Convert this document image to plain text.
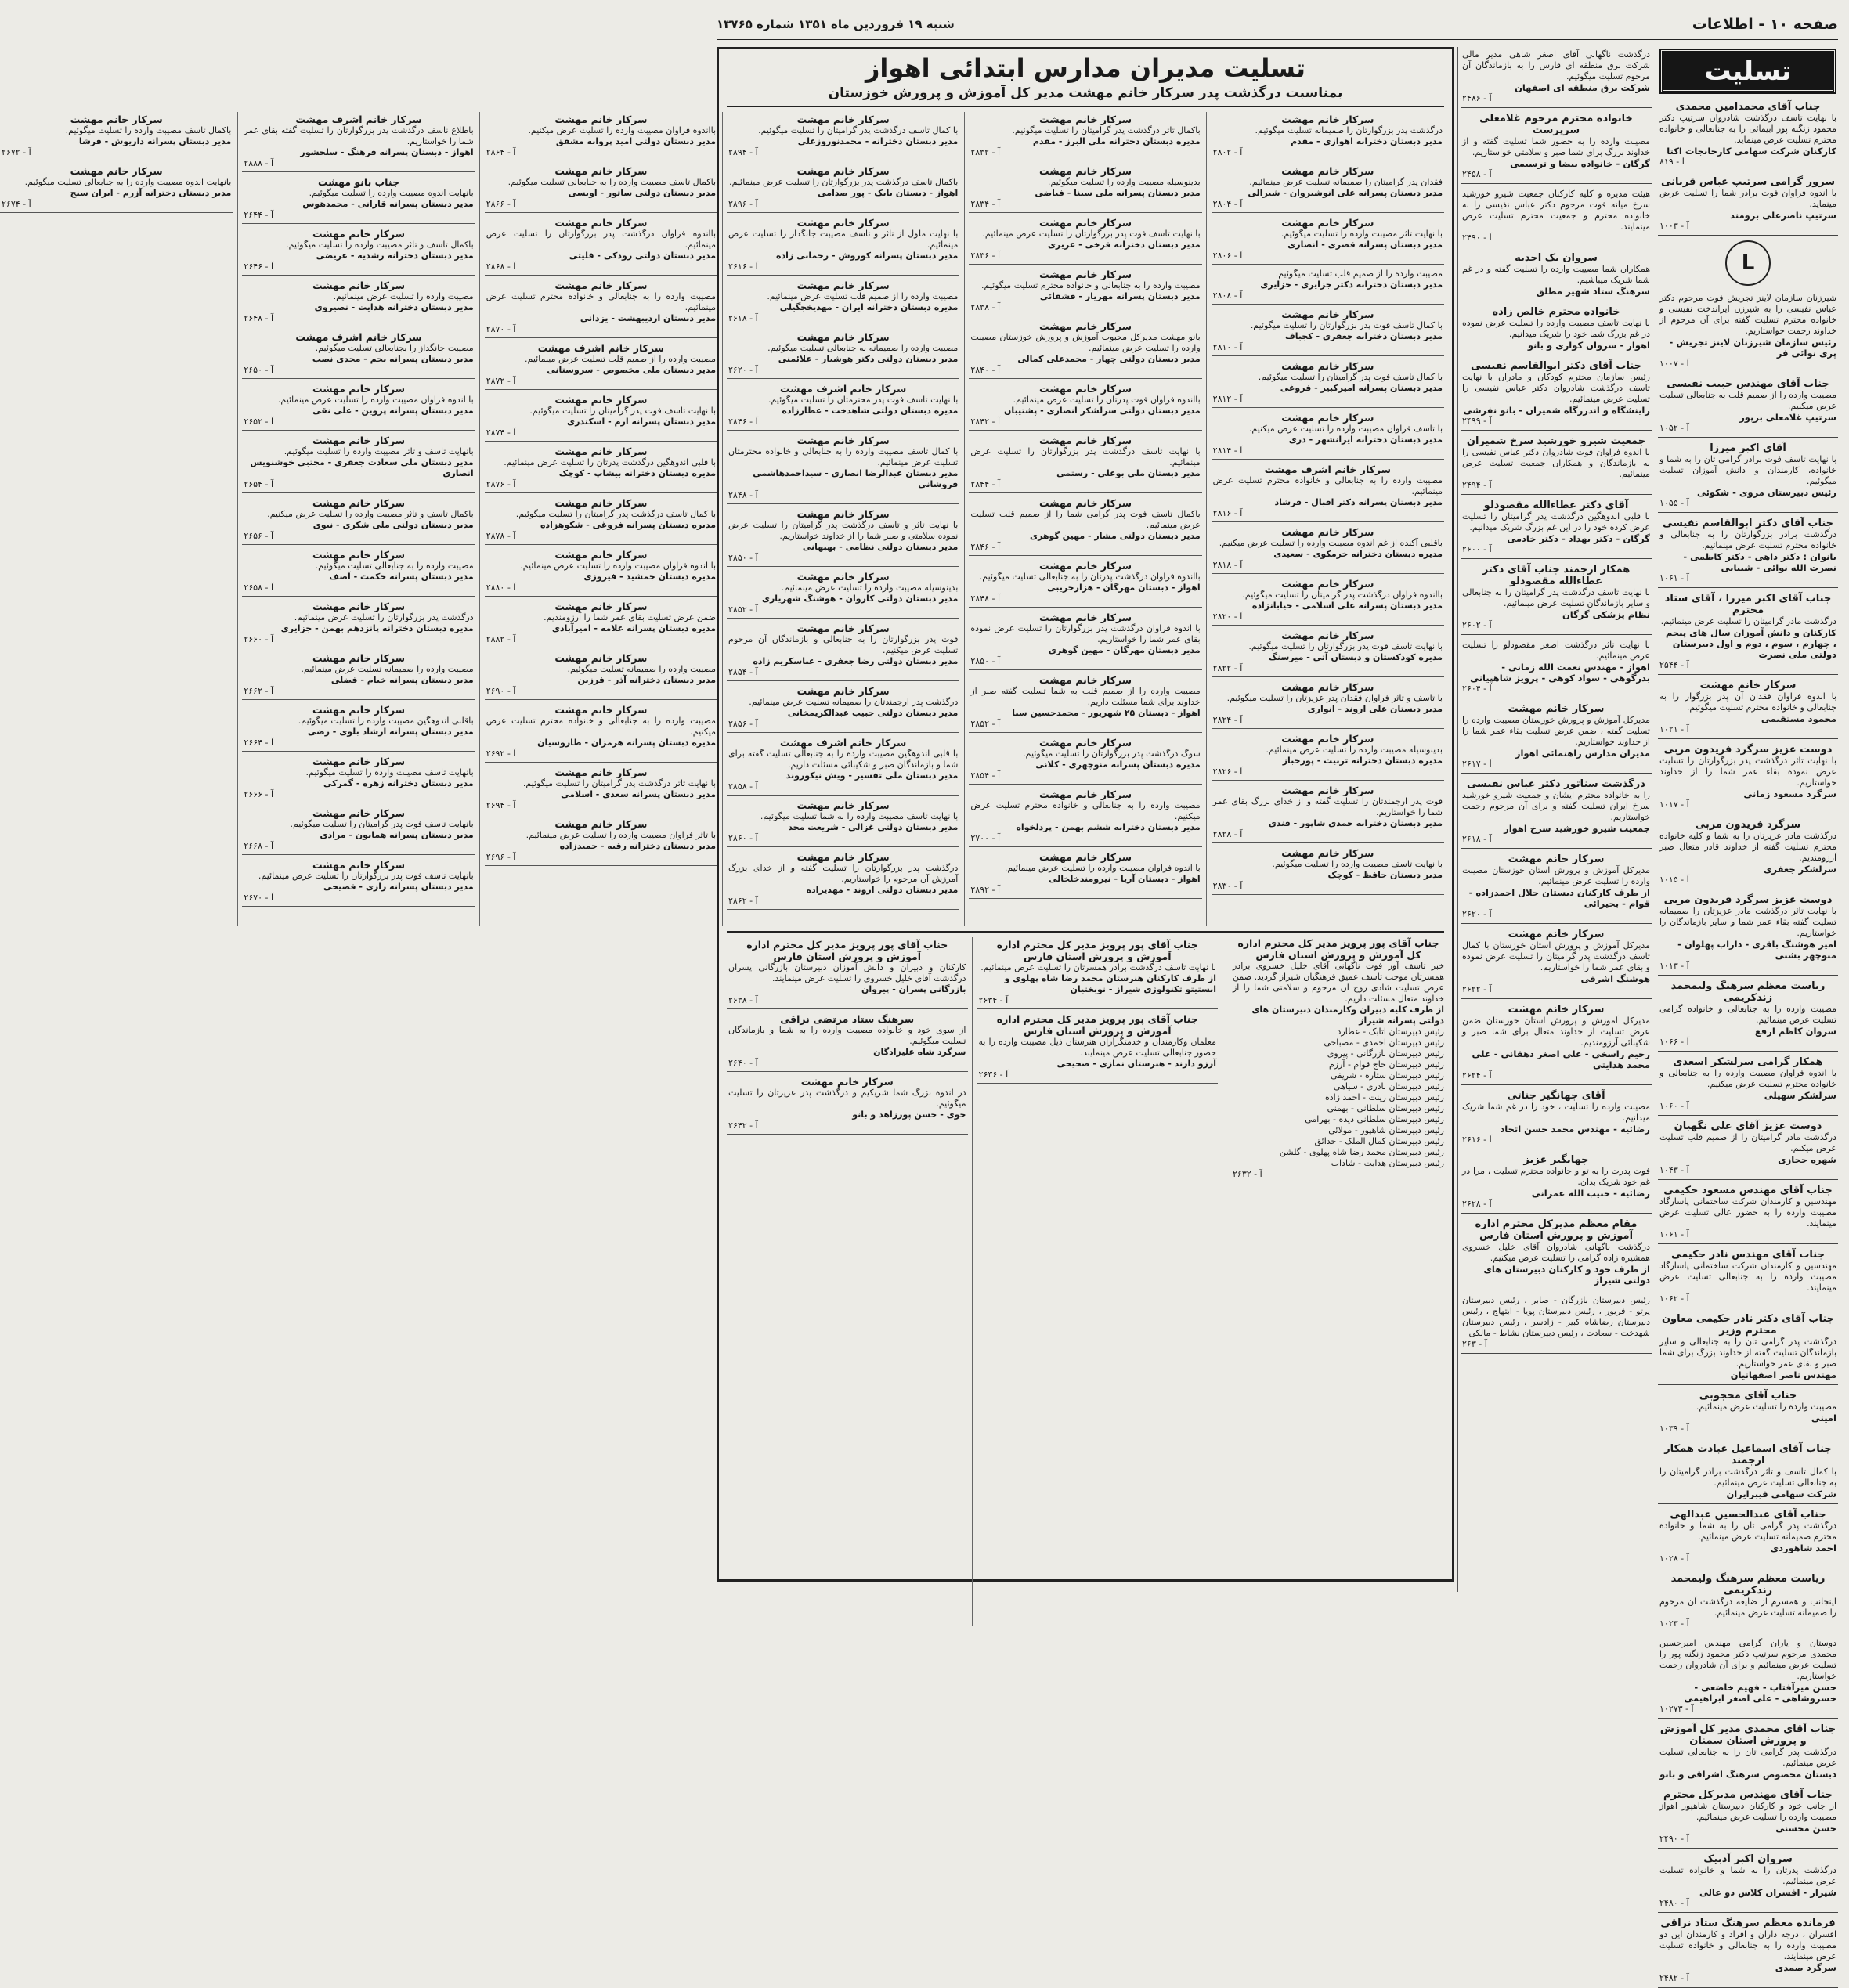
صفحه ۱۰ - اطلاعات
شنبه ۱۹ فروردین ماه ۱۳۵۱ شماره ۱۳۷۶۵
تسلیت
جناب آقای محمدامین محمدی
با نهایت تاسف درگذشت شادروان سرتیپ دکتر محمود زنگنه پور ابیمائی را به جنابعالی و خانواده محترم تسلیت عرض مینماید.
کارکنان شرکت سهامی کارخانجات اکتا
آ - ۸۱۹
سرور گرامی سرتیپ عباس قربانی
با اندوه فراوان فوت برادر شما را تسلیت عرض مینماید.
سرتیپ ناصرعلی برومند
آ - ۱۰۰۳
L
شیرزنان سازمان لاینز تجریش فوت مرحوم دکتر عباس نفیسی را به شیرزن ایراندخت نفیسی و خانواده محترم تسلیت گفته برای آن مرحوم از خداوند رحمت خواستاریم.
رئیس سازمان شیرزنان لاینز تجریش - پری نوائی فر
آ - ۱۰۰۷
جناب آقای مهندس حبیب نفیسی
مصیبت وارده را از صمیم قلب به جنابعالی تسلیت عرض میکنیم.
سرتیپ غلامعلی برپور
آ - ۱۰۵۲
آقای اکبر میرزا
با نهایت تاسف فوت برادر گرامی تان را به شما و خانواده، کارمندان و دانش آموزان تسلیت میگوئیم.
رئیس دبیرستان مروی - شکوئی
آ - ۱۰۵۵
جناب آقای دکتر ابوالقاسم نفیسی
درگذشت برادر بزرگوارتان را به جنابعالی و خانواده محترم تسلیت عرض مینمائیم.
بانوان : دکتر داهی - دکتر کاظمی - نصرت الله نوائی - شیبانی
آ - ۱۰۶۱
جناب آقای اکبر میرزا ، آقای ستاد محترم
درگذشت مادر گرامیتان را تسلیت عرض مینمائیم.
کارکنان و دانش آموزان سال های پنجم ، چهارم ، سوم ، دوم و اول دبیرستان دولتی ملی نصرت
آ - ۲۵۴۴
سرکار خانم مهشت
با اندوه فراوان فقدان آن پدر بزرگوار را به جنابعالی و خانواده محترم تسلیت میگوئیم.
محمود مستقیمی
آ - ۱۰۲۱
دوست عزیز سرگرد فریدون مربی
با نهایت تاثر درگذشت پدر بزرگوارتان را تسلیت عرض نموده بقاء عمر شما را از خداوند خواستاریم.
سرگرد مسعود زمانی
آ - ۱۰۱۷
سرگرد فریدون مربی
درگذشت مادر عزیزتان را به شما و کلیه خانواده محترم تسلیت گفته از خداوند قادر متعال صبر آرزومندیم.
سرلشکر جعفری
آ - ۱۰۱۵
دوست عزیز سرگرد فریدون مربی
با نهایت تاثر درگذشت مادر عزیزتان را صمیمانه تسلیت گفته بقاء عمر شما و سایر بازماندگان را خواستاریم.
امیر هوشنگ باقری - داراب پهلوان - منوچهر بشنی
آ - ۱۰۱۳
ریاست معظم سرهنگ ولیمحمد زندکریمی
مصیبت وارده را به جنابعالی و خانواده گرامی تسلیت عرض مینمائیم.
سروان کاظم ارفع
آ - ۱۰۶۶
همکار گرامی سرلشکر اسعدی
با اندوه فراوان مصیبت وارده را به جنابعالی و خانواده محترم تسلیت عرض میکنیم.
سرلشکر سهیلی
آ - ۱۰۶۰
دوست عزیز آقای علی نگهبان
درگذشت مادر گرامیتان را از صمیم قلب تسلیت عرض میکنم.
شهره حجازی
آ - ۱۰۴۳
جناب آقای مهندس مسعود حکیمی
مهندسین و کارمندان شرکت ساختمانی پاسارگاد مصیبت وارده را به حضور عالی تسلیت عرض مینمایند.
آ - ۱۰۶۱
جناب آقای مهندس نادر حکیمی
مهندسین و کارمندان شرکت ساختمانی پاسارگاد مصیبت وارده را به جنابعالی تسلیت عرض مینمایند.
آ - ۱۰۶۲
جناب آقای دکتر نادر حکیمی معاون محترم وزیر
درگذشت پدر گرامی تان را به جنابعالی و سایر بازماندگان تسلیت گفته از خداوند بزرگ برای شما صبر و بقای عمر خواستاریم.
مهندس ناصر اصفهانیان
جناب آقای محجوبی
مصیبت وارده را تسلیت عرض مینمائیم.
امینی
آ - ۱۰۳۹
جناب آقای اسماعیل عبادت همکار ارجمند
با کمال تاسف و تاثر درگذشت برادر گرامیتان را به جنابعالی تسلیت عرض مینمائیم.
شرکت سهامی فیبرایران
جناب آقای عبدالحسین عبدالهی
درگذشت پدر گرامی تان را به شما و خانواده محترم صمیمانه تسلیت عرض مینمائیم.
احمد شاهوردی
آ - ۱۰۲۸
ریاست معظم سرهنگ ولیمحمد زندکریمی
اینجانب و همسرم از ضایعه درگذشت آن مرحوم را صمیمانه تسلیت عرض مینمائیم.
آ - ۱۰۲۳
دوستان و یاران گرامی مهندس امیرحسین محمدی مرحوم سرتیپ دکتر محمود زنگنه پور را تسلیت عرض مینمائیم و برای آن شادروان رحمت خواستاریم.
حسن میرآفتاب - فهیم خاضعی - خسروشاهی - علی اصغر ابراهیمی
آ - ۱۰۲۷۳
جناب آقای محمدی مدیر کل آموزش و پرورش استان سمنان
درگذشت پدر گرامی تان را به جنابعالی تسلیت عرض مینمائیم.
دبستان مخصوص سرهنگ اشراقی و بانو
جناب آقای مهندس مدیرکل محترم
از جانب خود و کارکنان دبیرستان شاهپور اهواز مصیبت وارده را تسلیت عرض مینمائیم.
حسن محسنی
آ - ۲۴۹۰
سروان اکبر آدبیک
درگذشت پدرتان را به شما و خانواده تسلیت عرض مینمائیم.
شیراز - افسران کلاس دو عالی
آ - ۲۴۸۰
فرمانده معظم سرهنگ ستاد نراقی
افسران ، درجه داران و افراد و کارمندان این دو مصیبت وارده را به جنابعالی و خانواده تسلیت عرض مینمایند.
سرگرد صمدی
آ - ۲۴۸۲
درگذشت ناگهانی آقای اصغر شاهی مدیر مالی شرکت برق منطقه ای فارس را به بازماندگان آن مرحوم تسلیت میگوئیم.
شرکت برق منطقه ای اصفهان
آ - ۲۴۸۶
خانواده محترم مرحوم غلامعلی سرپرست
مصیبت وارده را به حضور شما تسلیت گفته و از خداوند بزرگ برای شما صبر و سلامتی خواستاریم.
گرگان - خانواده بیضا و ترسیمی
آ - ۲۴۵۸
هیئت مدیره و کلیه کارکنان جمعیت شیرو خورشید سرخ میانه فوت مرحوم دکتر عباس نفیسی را به خانواده محترم و جمعیت محترم تسلیت عرض مینمایند.
آ - ۲۴۹۰
سروان یک احدیه
همکاران شما مصیبت وارده را تسلیت گفته و در غم شما شریک میباشیم.
سرهنگ ستاد شهیر مطلق
خانواده محترم خالص زاده
با نهایت تاسف مصیبت وارده را تسلیت عرض نموده در غم بزرگ شما خود را شریک میدانیم.
اهواز - سروان کواری و بانو
جناب آقای دکتر ابوالقاسم نفیسی
رئیس سازمان محترم کودکان و مادران با نهایت تاسف درگذشت شادروان دکتر عباس نفیسی را تسلیت عرض مینمائیم.
زاینشگاه و اندرزگاه شمیران - بانو نفرشی
آ - ۲۴۹۹
جمعیت شیرو خورشید سرخ شمیران
با اندوه فراوان فوت شادروان دکتر عباس نفیسی را به بازماندگان و همکاران جمعیت تسلیت عرض مینمائیم.
آ - ۲۴۹۴
آقای دکتر عطاءالله مقصودلو
با قلبی اندوهگین درگذشت پدر گرامیتان را تسلیت عرض کرده خود را در این غم بزرگ شریک میدانیم.
گرگان - دکتر بهداد - دکتر خادمی
آ - ۲۶۰۰
همکار ارجمند جناب آقای دکتر عطاءالله مقصودلو
با نهایت تاسف درگذشت پدر گرامیتان را به جنابعالی و سایر بازماندگان تسلیت عرض مینمائیم.
نظام پزشکی گرگان
آ - ۲۶۰۲
با نهایت تاثر درگذشت اصغر مقصودلو را تسلیت عرض مینمائیم.
اهواز - مهندس نعمت الله زمانی - بدرگوهی - سواد کوهی - پرویز شاهپیانی
آ - ۲۶۰۴
سرکار خانم مهشت
مدیرکل آموزش و پرورش خوزستان مصیبت وارده را تسلیت گفته ، ضمن عرض تسلیت بقاء عمر شما را از خداوند خواستاریم.
مدیران مدارس راهنمائی اهواز
آ - ۲۶۱۷
درگذشت سناتور دکتر عباس نفیسی
را به خانواده محترم ایشان و جمعیت شیرو خورشید سرخ ایران تسلیت گفته و برای آن مرحوم رحمت خواستاریم.
جمعیت شیرو خورشید سرخ اهواز
آ - ۲۶۱۸
سرکار خانم مهشت
مدیرکل آموزش و پرورش استان خوزستان مصیبت وارده را تسلیت عرض مینمائیم.
از طرف کارکنان دبستان جلال احمدزاده - قوام - بحیرائی
آ - ۲۶۲۰
سرکار خانم مهشت
مدیرکل آموزش و پرورش استان خوزستان با کمال تاسف درگذشت پدر گرامیتان را تسلیت عرض نموده و بقای عمر شما را خواستاریم.
هوشنگ اشرفی
آ - ۲۶۲۲
سرکار خانم مهشت
مدیرکل آموزش و پرورش استان خوزستان ضمن عرض تسلیت از خداوند متعال برای شما صبر و شکیبائی آرزومندیم.
رحیم راسخی - علی اصغر دهقانی - علی محمد هدایتی
آ - ۲۶۲۴
آقای جهانگیر جناتی
مصیبت وارده را تسلیت ، خود را در غم شما شریک میدانیم.
رضائیه - مهندس محمد حسن اتحاد
آ - ۲۶۱۶
جهانگیر عزیز
فوت پدرت را به تو و خانواده محترم تسلیت ، مرا در غم خود شریک بدان.
رضائیه - حبیب الله عمرانی
آ - ۲۶۲۸
مقام معظم مدیرکل محترم اداره آموزش و پرورش استان فارس
درگذشت ناگهانی شادروان آقای خلیل خسروی همشیره زاده گرامی را تسلیت عرض میکنیم.
از طرف خود و کارکنان دبیرستان های دولتی شیراز
رئیس دبیرستان بازرگان - صابر ، رئیس دبیرستان پرتو - فریور ، رئیس دبیرستان پویا - ابتهاج ، رئیس دبیرستان رضاشاه کبیر - زادسر ، رئیس دبیرستان شهدخت - سعادت ، رئیس دبیرستان نشاط - مالکی
آ - ۲۶۳
تسلیت مدیران مدارس ابتدائی اهواز
بمناسبت درگذشت پدر سرکار خانم مهشت مدیر کل آموزش و پرورش خوزستان
سرکار خانم مهشت
درگذشت پدر بزرگوارتان را صمیمانه تسلیت میگوئیم.
مدیر دبستان دخترانه اهوازی - مقدم
آ - ۲۸۰۲
سرکار خانم مهشت
فقدان پدر گرامیتان را صمیمانه تسلیت عرض مینمائیم.
مدیر دبستان پسرانه علی انوشیروان - شیرالی
آ - ۲۸۰۴
سرکار خانم مهشت
با نهایت تاثر مصیبت وارده را تسلیت میگوئیم.
مدیر دبستان پسرانه قصری - انصاری
آ - ۲۸۰۶
مصیبت وارده را از صمیم قلب تسلیت میگوئیم.
مدیر دبستان دخترانه دکتر جزایری - حزایری
آ - ۲۸۰۸
سرکار خانم مهشت
با کمال تاسف فوت پدر بزرگوارتان را تسلیت میگوئیم.
مدیر دبستان دخترانه جعفری - کجباف
آ - ۲۸۱۰
سرکار خانم مهشت
با کمال تاسف فوت پدر گرامیتان را تسلیت میگوئیم.
مدیر دبستان پسرانه امیرکبیر - فروغی
آ - ۲۸۱۲
سرکار خانم مهشت
با تاسف فراوان مصیبت وارده را تسلیت عرض میکنیم.
مدیر دبستان دخترانه ایرانشهر - دری
آ - ۲۸۱۴
سرکار خانم اشرف مهشت
مصیبت وارده را به جنابعالی و خانواده محترم تسلیت عرض مینمائیم.
مدیر دبستان پسرانه دکتر اقبال - فرشاد
آ - ۲۸۱۶
سرکار خانم مهشت
باقلبی آکنده از غم اندوه مصیبت وارده را تسلیت عرض میکنیم.
مدیره دبستان دخترانه خرمکوی - سعیدی
آ - ۲۸۱۸
سرکار خانم مهشت
بااندوه فراوان درگذشت پدر گرامیتان را تسلیت میگوئیم.
مدیر دبستان پسرانه علی اسلامی - خیابانزاده
آ - ۲۸۲۰
سرکار خانم مهشت
با نهایت تاسف فوت پدر بزرگوارتان را تسلیت میگوئیم.
مدیره کودکستان و دبستان آتی - میرسنگ
آ - ۲۸۲۲
سرکار خانم مهشت
با تاسف و تاثر فراوان فقدان پدر عزیزتان را تسلیت میگوئیم.
مدیر دبستان علی اروند - انواری
آ - ۲۸۲۴
سرکار خانم مهشت
بدینوسیله مصیبت وارده را تسلیت عرض مینمائیم.
مدیره دبستان دخترانه تربیت - پورخباز
آ - ۲۸۲۶
سرکار خانم مهشت
فوت پدر ارجمندتان را تسلیت گفته و از خدای بزرگ بقای عمر شما را خواستاریم.
مدیر دبستان دخترانه حمدی شاپور - قندی
آ - ۲۸۲۸
سرکار خانم مهشت
با نهایت تاسف مصیبت وارده را تسلیت میگوئیم.
مدیر دبستان حافظ - کوچک
آ - ۲۸۳۰
سرکار خانم مهشت
باکمال تاثر درگذشت پدر گرامیتان را تسلیت میگوئیم.
مدیره دبستان دخترانه ملی البرز - مقدم
آ - ۲۸۳۲
سرکار خانم مهشت
بدینوسیله مصیبت وارده را تسلیت میگوئیم.
مدیر دبستان پسرانه ملی سینا - فیاضی
آ - ۲۸۳۴
سرکار خانم مهشت
با نهایت تاسف فوت پدر بزرگوارتان را تسلیت عرض مینمائیم.
مدیر دبستان دخترانه فرخی - عزیزی
آ - ۲۸۳۶
سرکار خانم مهشت
مصیبت وارده را به جنابعالی و خانواده محترم تسلیت میگوئیم.
مدیر دبستان پسرانه مهریار - قشقائی
آ - ۲۸۳۸
سرکار خانم مهشت
بانو مهشت مدیرکل محبوب آموزش و پرورش خوزستان مصیبت وارده را تسلیت عرض مینمائیم.
مدیر دبستان دولتی چهار - محمدعلی کمالی
آ - ۲۸۴۰
سرکار خانم مهشت
بااندوه فراوان فوت پدرتان را تسلیت عرض مینمائیم.
مدیر دبستان دولتی سرلشکر انصاری - پشتیبان
آ - ۲۸۴۲
سرکار خانم مهشت
با نهایت تاسف درگذشت پدر بزرگوارتان را تسلیت عرض مینمائیم.
مدیر دبستان ملی بوعلی - رستمی
آ - ۲۸۴۴
سرکار خانم مهشت
باکمال تاسف فوت پدر گرامی شما را از صمیم قلب تسلیت عرض مینمائیم.
مدیر دبستان دولتی مشار - مهین گوهری
آ - ۲۸۴۶
سرکار خانم مهشت
بااندوه فراوان درگذشت پدرتان را به جنابعالی تسلیت میگوئیم.
اهواز - دبستان مهرگان - هزارجریبی
آ - ۲۸۴۸
سرکار خانم مهشت
با اندوه فراوان درگذشت پدر بزرگوارتان را تسلیت عرض نموده بقای عمر شما را خواستاریم.
مدیر دبستان مهرگان - مهین گوهری
آ - ۲۸۵۰
سرکار خانم مهشت
مصیبت وارده را از صمیم قلب به شما تسلیت گفته صبر از خداوند برای شما مسئلت داریم.
اهواز - دبستان ۲۵ شهریور - محمدحسین سنا
آ - ۲۸۵۲
سرکار خانم مهشت
سوگ درگذشت پدر بزرگوارتان را تسلیت میگوئیم.
مدیره دبستان پسرانه منوچهری - کلانی
آ - ۲۸۵۴
سرکار خانم مهشت
مصیبت وارده را به جنابعالی و خانواده محترم تسلیت عرض میکنیم.
مدیر دبستان دخترانه ششم بهمن - پردلخواه
آ - ۲۷۰۰
سرکار خانم مهشت
با اندوه فراوان مصیبت وارده را تسلیت عرض مینمائیم.
اهواز - دبستان آریا - نیرومندخلخالی
آ - ۲۸۹۲
سرکار خانم مهشت
با کمال تاسف درگذشت پدر گرامیتان را تسلیت میگوئیم.
مدیر دبستان دخترانه - محمدنوروزعلی
آ - ۲۸۹۴
سرکار خانم مهشت
باکمال تاسف درگذشت پدر بزرگوارتان را تسلیت عرض مینمائیم.
اهواز - دبستان بابک - پور صدامی
آ - ۲۸۹۶
سرکار خانم مهشت
با نهایت ملول از تاثر و تاسف مصیبت جانگداز را تسلیت عرض مینمائیم.
مدیر دبستان پسرانه کوروش - رحمانی زاده
آ - ۲۶۱۶
سرکار خانم مهشت
مصیبت وارده را از صمیم قلب تسلیت عرض مینمائیم.
مدیره دبستان دخترانه ایران - مهدیخجگیلی
آ - ۲۶۱۸
سرکار خانم مهشت
مصیبت وارده را صمیمانه به جنابعالی تسلیت میگوئیم.
مدیر دبستان دولتی دکتر هوشیار - علائمنی
آ - ۲۶۲۰
سرکار خانم اشرف مهشت
با نهایت تاسف فوت پدر محترمتان را تسلیت میگوئیم.
مدیره دبستان دولتی شاهدخت - عطارزاده
آ - ۲۸۴۶
سرکار خانم مهشت
با کمال تاسف مصیبت وارده را به جنابعالی و خانواده محترمتان تسلیت عرض مینمائیم.
مدیر دبستان عبدالرضا انصاری - سیداحمدهاشمی فروشانی
آ - ۲۸۴۸
سرکار خانم مهشت
با نهایت تاثر و تاسف درگذشت پدر گرامیتان را تسلیت عرض نموده سلامتی و صبر شما را از خداوند خواستاریم.
مدیر دبستان دولتی نظامی - بهبهانی
آ - ۲۸۵۰
سرکار خانم مهشت
بدینوسیله مصیبت وارده را تسلیت عرض مینمائیم.
مدیر دبستان دولتی کاروان - هوشنگ شهریاری
آ - ۲۸۵۲
سرکار خانم مهشت
فوت پدر بزرگوارتان را به جنابعالی و بازماندگان آن مرحوم تسلیت عرض میکنیم.
مدیر دبستان دولتی رضا جعفری - عباسکریم زاده
آ - ۲۸۵۴
سرکار خانم مهشت
درگذشت پدر ارجمندتان را صمیمانه تسلیت عرض مینمائیم.
مدیر دبستان دولتی حبیب عبدالکریمخانی
آ - ۲۸۵۶
سرکار خانم اشرف مهشت
با قلبی اندوهگین مصیبت وارده را به جنابعالی تسلیت گفته برای شما و بازماندگان صبر و شکیبائی مسئلت داریم.
مدیر دبستان ملی تفسیر - ویش نیکوروند
آ - ۲۸۵۸
سرکار خانم مهشت
با نهایت تاسف مصیبت وارده را به شما تسلیت میگوئیم.
مدیر دبستان دولتی غزالی - شریعت مجد
آ - ۲۸۶۰
سرکار خانم مهشت
درگذشت پدر بزرگوارتان را تسلیت گفته و از خدای بزرگ آمرزش آن مرحوم را خواستاریم.
مدیر دبستان دولتی اروند - مهدیزاده
آ - ۲۸۶۲
سرکار خانم مهشت
بااندوه فراوان مصیبت وارده را تسلیت عرض میکنیم.
مدیر دبستان دولتی امید پروانه مشفق
آ - ۲۸۶۴
سرکار خانم مهشت
باکمال تاسف مصیبت وارده را به جنابعالی تسلیت میگوئیم.
مدیر دبستان دولتی ساتور - اویسی
آ - ۲۸۶۶
سرکار خانم مهشت
بااندوه فراوان درگذشت پدر بزرگوارتان را تسلیت عرض مینمائیم.
مدیر دبستان دولتی رودکی - فلیتی
آ - ۲۸۶۸
سرکار خانم مهشت
مصیبت وارده را به جنابعالی و خانواده محترم تسلیت عرض مینمائیم.
مدیر دبستان اردیبهشت - یزدانی
آ - ۲۸۷۰
سرکار خانم اشرف مهشت
مصیبت وارده را از صمیم قلب تسلیت عرض مینمائیم.
مدیر دبستان ملی مخصوص - سروستانی
آ - ۲۸۷۲
سرکار خانم مهشت
با نهایت تاسف فوت پدر گرامیتان را تسلیت میگوئیم.
مدیر دبستان پسرانه ارم - اسکندری
آ - ۲۸۷۴
سرکار خانم مهشت
با قلبی اندوهگین درگذشت پدرتان را تسلیت عرض مینمائیم.
مدیره دبستان دخترانه بیشاپ - کوچک
آ - ۲۸۷۶
سرکار خانم مهشت
با کمال تاسف درگذشت پدر گرامیتان را تسلیت میگوئیم.
مدیره دبستان پسرانه فروغی - شکوهزاده
آ - ۲۸۷۸
سرکار خانم مهشت
با اندوه فراوان مصیبت وارده را تسلیت عرض مینمائیم.
مدیره دبستان جمشید - فیروزی
آ - ۲۸۸۰
سرکار خانم مهشت
ضمن عرض تسلیت بقای عمر شما را آرزومندیم.
مدیره دبستان پسرانه علامه - امیرآبادی
آ - ۲۸۸۲
سرکار خانم مهشت
مصیبت وارده را صمیمانه تسلیت میگوئیم.
مدیر دبستان دخترانه آذر - فرزین
آ - ۲۶۹۰
سرکار خانم مهشت
مصیبت وارده را به جنابعالی و خانواده محترم تسلیت عرض میکنیم.
مدیره دبستان پسرانه هرمزان - طاروسیان
آ - ۲۶۹۲
سرکار خانم مهشت
با نهایت تاثر درگذشت پدر گرامیتان را تسلیت میگوئیم.
مدیر دبستان پسرانه سعدی - اسلامی
آ - ۲۶۹۴
سرکار خانم مهشت
با تاثر فراوان مصیبت وارده را تسلیت عرض مینمائیم.
مدیر دبستان دخترانه رقیه - حمیدزاده
آ - ۲۶۹۶
سرکار خانم اشرف مهشت
باطلاع ناسف درگذشت پدر بزرگوارتان را تسلیت گفته بقای عمر شما را خواستاریم.
اهواز - دبستان پسرانه فرهنگ - سلحشور
آ - ۲۸۸۸
جناب بانو مهشت
بانهایت اندوه مصیبت وارده را تسلیت میگوئیم.
مدیر دبستان پسرانه قارانی - محمدهوس
آ - ۲۶۴۴
سرکار خانم مهشت
باکمال تاسف و تاثر مصیبت وارده را تسلیت میگوئیم.
مدیر دبستان دخترانه رشدیه - عریضی
آ - ۲۶۴۶
سرکار خانم مهشت
مصیبت وارده را تسلیت عرض مینمائیم.
مدیر دبستان دخترانه هدایت - نصیروی
آ - ۲۶۴۸
سرکار خانم اشرف مهشت
مصیبت جانگداز را بجنابعالی تسلیت میگوئیم.
مدیر دبستان پسرانه نجم - مجدی نصب
آ - ۲۶۵۰
سرکار خانم مهشت
با اندوه فراوان مصیبت وارده را تسلیت عرض مینمائیم.
مدیر دبستان پسرانه پروین - علی نقی
آ - ۲۶۵۲
سرکار خانم مهشت
بانهایت تاسف و تاثر مصیبت وارده را تسلیت میگوئیم.
مدیر دبستان ملی سعادت جعفری - مجتبی خوشنویس انصاری
آ - ۲۶۵۴
سرکار خانم مهشت
باکمال تاسف و تاثر مصیبت وارده را تسلیت عرض میکنیم.
مدیر دبستان دولتی ملی شکری - نبوی
آ - ۲۶۵۶
سرکار خانم مهشت
مصیبت وارده را به جنابعالی تسلیت میگوئیم.
مدیر دبستان پسرانه حکمت - آصف
آ - ۲۶۵۸
سرکار خانم مهشت
درگذشت پدر بزرگوارتان را تسلیت عرض مینمائیم.
مدیره دبستان دخترانه پانزدهم بهمن - جزایری
آ - ۲۶۶۰
سرکار خانم مهشت
مصیبت وارده را صمیمانه تسلیت عرض مینمائیم.
مدیر دبستان پسرانه خیام - فضلی
آ - ۲۶۶۲
سرکار خانم مهشت
باقلبی اندوهگین مصیبت وارده را تسلیت میگوئیم.
مدیر دبستان پسرانه ارشاد بلوی - رضی
آ - ۲۶۶۴
سرکار خانم مهشت
بانهایت تاسف مصیبت وارده را تسلیت میگوئیم.
مدیر دبستان دخترانه زهره - گمرکی
آ - ۲۶۶۶
سرکار خانم مهشت
بانهایت تاسف فوت پدر گرامیتان را تسلیت میگوئیم.
مدیر دبستان پسرانه همایون - مرادی
آ - ۲۶۶۸
سرکار خانم مهشت
بانهایت تاسف فوت پدر بزرگوارتان را تسلیت عرض مینمائیم.
مدیر دبستان پسرانه رازی - فصیحی
آ - ۲۶۷۰
سرکار خانم مهشت
باکمال تاسف مصیبت وارده را تسلیت میگوئیم.
مدیر دبستان پسرانه داریوش - فرشا
آ - ۲۶۷۲
سرکار خانم مهشت
بانهایت اندوه مصیبت وارده را به جنابعالی تسلیت میگوئیم.
مدیر دبستان دخترانه آزرم - ایران سنج
آ - ۲۶۷۴
جناب آقای پور پرویز مدیر کل محترم اداره کل آموزش و پرورش استان فارس
خبر تاسف آور فوت ناگهانی آقای خلیل خسروی برادر همسرتان موجب تاسف عمیق فرهنگیان شیراز گردید. ضمن عرض تسلیت شادی روح آن مرحوم و سلامتی شما را از خداوند متعال مسئلت داریم.
از طرف کلیه دبیران وکارمندان دبیرستان های دولتی پسرانه شیراز
رئیس دبیرستان اتابک - عطارد
رئیس دبیرستان احمدی - مصباحی
رئیس دبیرستان بازرگانی - پیروی
رئیس دبیرستان حاج قوام - آرزم
رئیس دبیرستان ستاره - شریفی
رئیس دبیرستان نادری - سیاهی
رئیس دبیرستان زینت - احمد زاده
رئیس دبیرستان سلطانی - بهمنی
رئیس دبیرستان سلطانی دیده - بهرامی
رئیس دبیرستان شاهپور - مولائی
رئیس دبیرستان کمال الملک - حدائق
رئیس دبیرستان محمد رضا شاه پهلوی - گلشن
رئیس دبیرستان هدایت - شاداب
آ - ۲۶۳۲
جناب آقای پور پرویز مدیر کل محترم اداره آموزش و پرورش استان فارس
با نهایت تاسف درگذشت برادر همسرتان را تسلیت عرض مینمائیم.
از طرف کارکنان هنرستان محمد رضا شاه پهلوی و انستیتو تکنولوژی شیراز - نوبختیان
آ - ۲۶۳۴
جناب آقای پور پرویز مدیر کل محترم اداره آموزش و پرورش استان فارس
معلمان وکارمندان و خدمتگزاران هنرستان ذیل مصیبت وارده را به حضور جنابعالی تسلیت عرض مینمایند.
آرزو دارند - هنرستان نمازی - صحیحی
آ - ۲۶۳۶
جناب آقای پور پرویز مدیر کل محترم اداره آموزش و پرورش استان فارس
کارکنان و دبیران و دانش آموزان دبیرستان بازرگانی پسران درگذشت آقای خلیل خسروی را تسلیت عرض مینمایند.
بازرگانی پسران - پیروان
آ - ۲۶۳۸
سرهنگ ستاد مرتضی نراقی
از سوی خود و خانواده مصیبت وارده را به شما و بازماندگان تسلیت میگوئیم.
سرگرد شاه علیزادگان
آ - ۲۶۴۰
سرکار خانم مهشت
در اندوه بزرگ شما شریکیم و درگذشت پدر عزیزتان را تسلیت میگوئیم.
خوی - حسن پورزاهد و بانو
آ - ۲۶۴۲
